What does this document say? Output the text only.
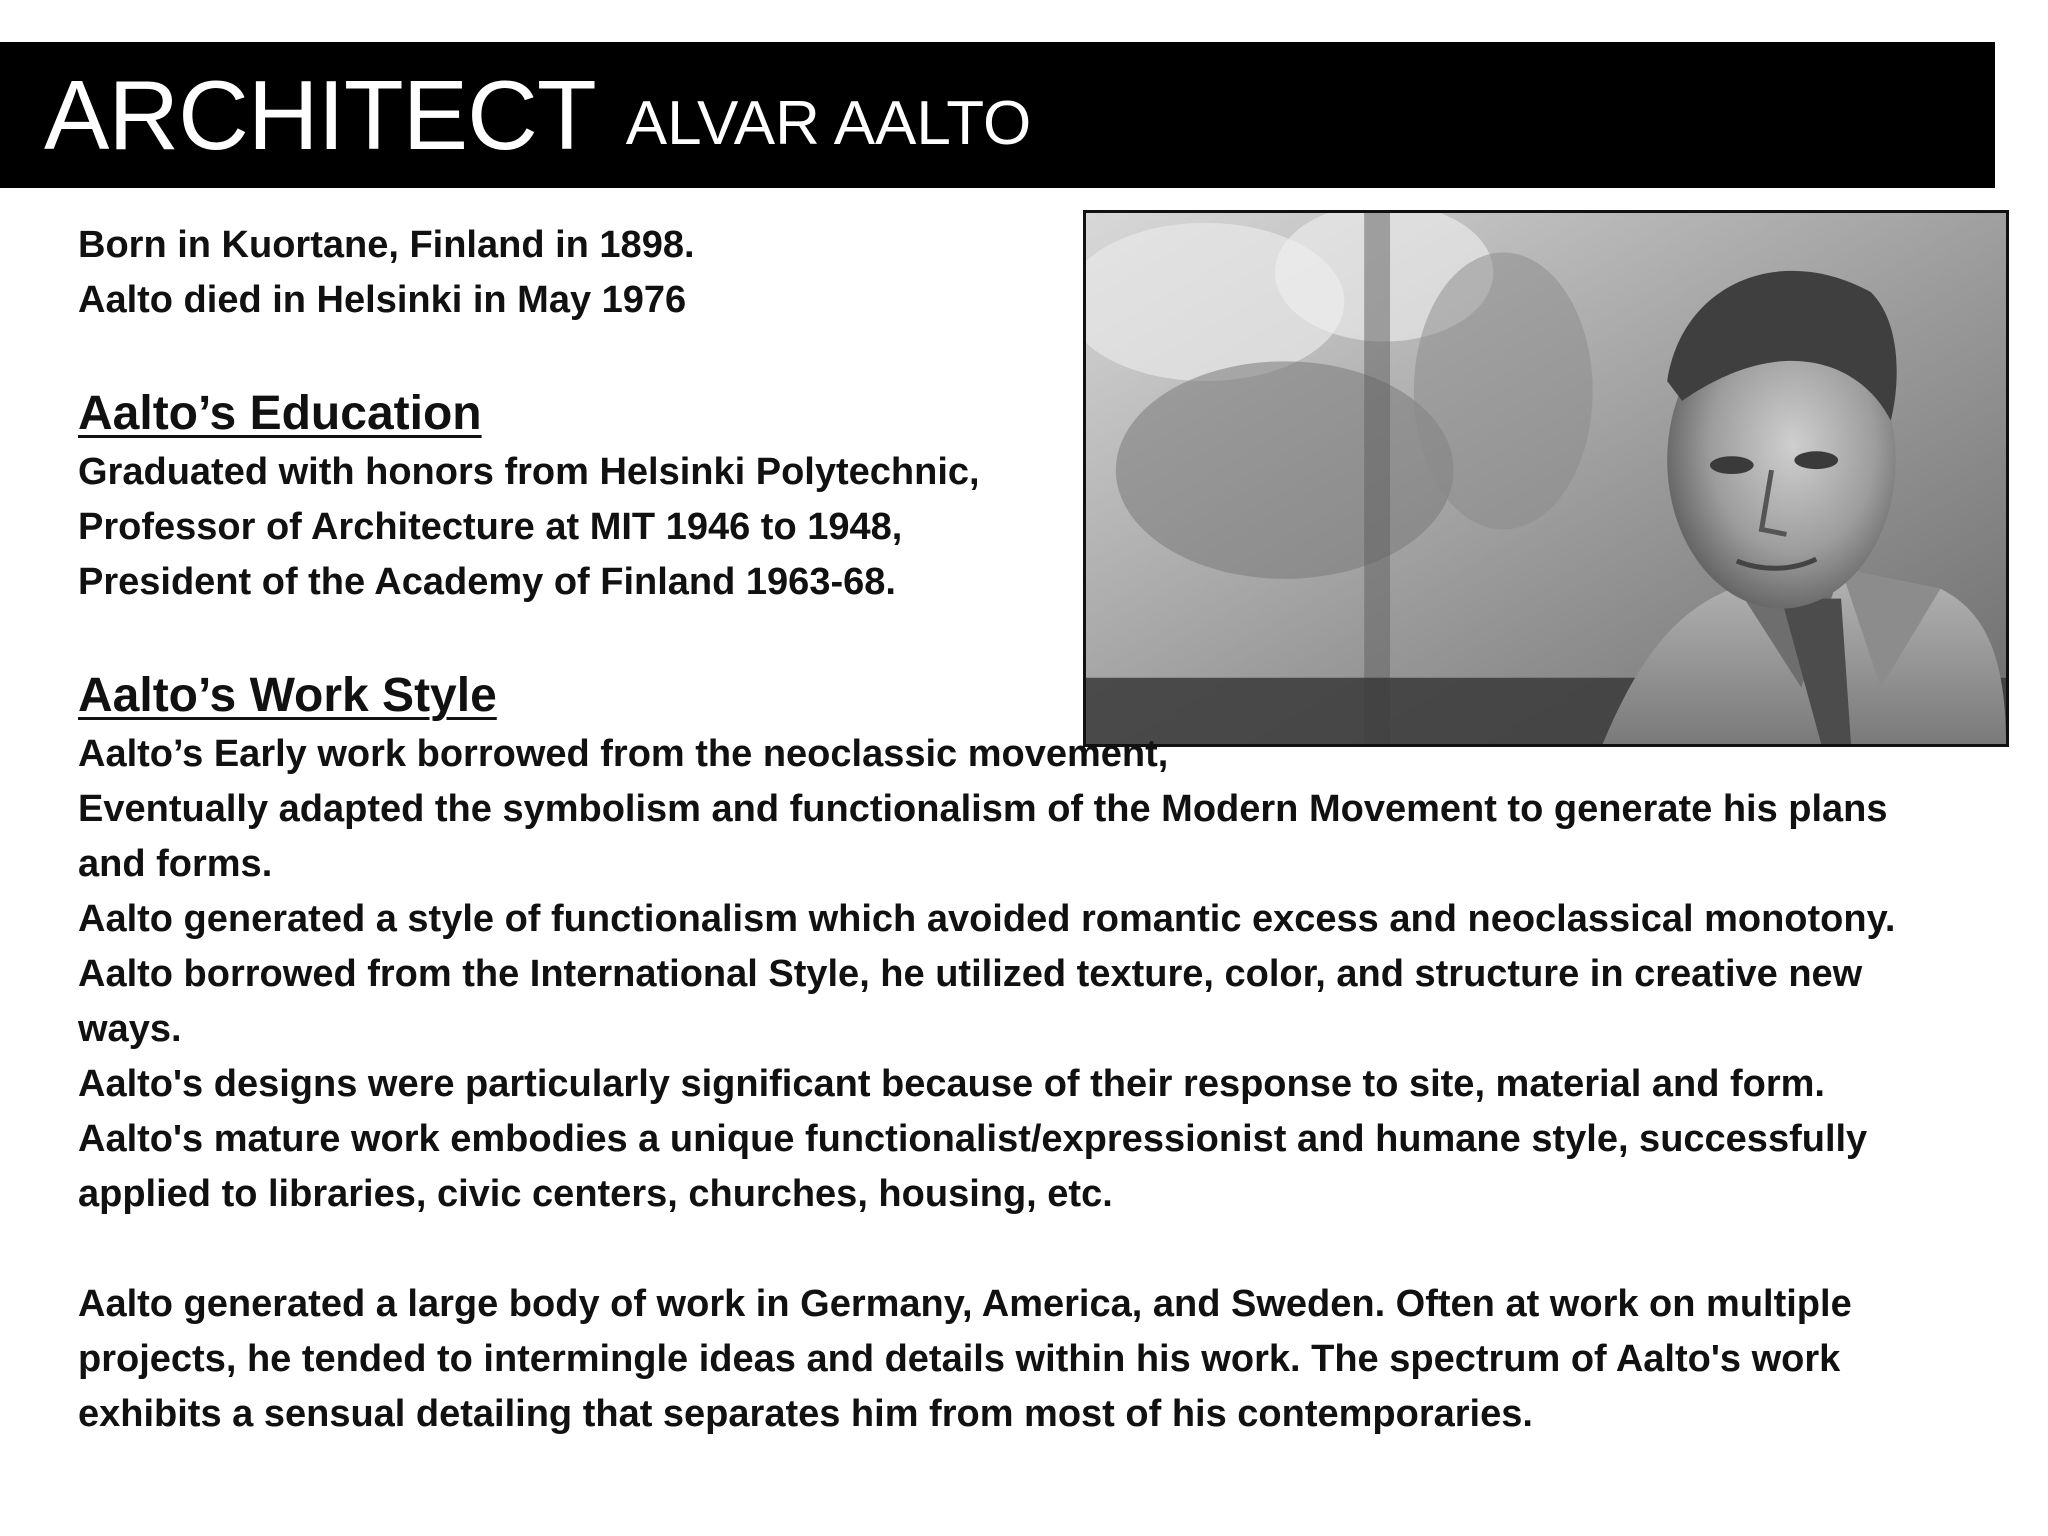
ARCHITECT ALVAR AALTO
Born in Kuortane, Finland in 1898.
Aalto died in Helsinki in May 1976
Aalto’s Education
Graduated with honors from Helsinki Polytechnic,
Professor of Architecture at MIT 1946 to 1948,
President of the Academy of Finland 1963-68.
Aalto’s Work Style
Aalto’s Early work borrowed from the neoclassic movement,
Eventually adapted the symbolism and functionalism of the Modern Movement to generate his plans
and forms.
Aalto generated a style of functionalism which avoided romantic excess and neoclassical monotony.
Aalto borrowed from the International Style, he utilized texture, color, and structure in creative new
ways.
Aalto's designs were particularly significant because of their response to site, material and form.
Aalto's mature work embodies a unique functionalist/expressionist and humane style, successfully
applied to libraries, civic centers, churches, housing, etc.
Aalto generated a large body of work in Germany, America, and Sweden. Often at work on multiple
projects, he tended to intermingle ideas and details within his work. The spectrum of Aalto's work
exhibits a sensual detailing that separates him from most of his contemporaries.
